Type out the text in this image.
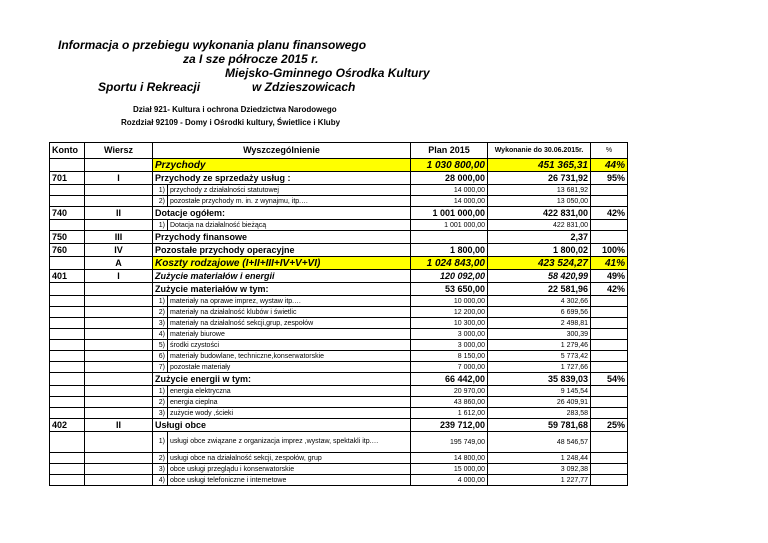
Informacja o przebiegu wykonania planu finansowego
za I sze półrocze 2015 r.
Miejsko-Gminnego Ośrodka Kultury
Sportu i Rekreacji	w Zdzieszowicach
Dział 921- Kultura i ochrona Dziedzictwa Narodowego
Rozdział 92109 - Domy i Ośrodki kultury, Świetlice i Kluby
Konto	Wiersz	Wyszczególnienie		Plan 2015	Wykonanie do 30.06.2015r.	%
		Przychody		1 030 800,00	451 365,31	44%
701	I	Przychody ze sprzedaży usług :		28 000,00	26 731,92	95%
		1)	przychody z działalności statutowej	14 000,00	13 681,92	
		2)	pozostałe przychody m. in. z wynajmu, itp.…	14 000,00	13 050,00	
740	II	Dotacje ogółem:		1 001 000,00	422 831,00	42%
		1)	Dotacja na działalność bieżącą	1 001 000,00	422 831,00	
750	III	Przychody finansowe			2,37	
760	IV	Pozostałe przychody operacyjne		1 800,00	1 800,02	100%
	A	Koszty rodzajowe (I+II+III+IV+V+VI)		1 024 843,00	423 524,27	41%
401	I	Zużycie materiałów i energii		120 092,00	58 420,99	49%
		Zużycie materiałów w tym:		53 650,00	22 581,96	42%
		1)	materiały na oprawe imprez, wystaw itp.…	10 000,00	4 302,66	
		2)	materiały na działalność klubów i świetlic	12 200,00	6 699,56	
		3)	materiały na działalność sekcji,grup, zespołów	10 300,00	2 498,81	
		4)	materiały biurowe	3 000,00	300,39	
		5)	środki czystości	3 000,00	1 279,46	
		6)	materiały budowlane, techniczne,konserwatorskie	8 150,00	5 773,42	
		7)	pozostałe materiały	7 000,00	1 727,66	
		Zużycie energii w tym:		66 442,00	35 839,03	54%
		1)	energia elektryczna	20 970,00	9 145,54	
		2)	energia cieplna	43 860,00	26 409,91	
		3)	zużycie wody ,ścieki	1 612,00	283,58	
402	II	Usługi obce		239 712,00	59 781,68	25%
		1)	usługi obce związane z organizacja imprez ,wystaw, spektakli itp.…	195 749,00	48 546,57	
		2)	usługi obce na działalność sekcji, zespołów, grup	14 800,00	1 248,44	
		3)	obce usługi przeglądu i konserwatorskie	15 000,00	3 092,38	
		4)	obce usługi telefoniczne i internetowe	4 000,00	1 227,77	
